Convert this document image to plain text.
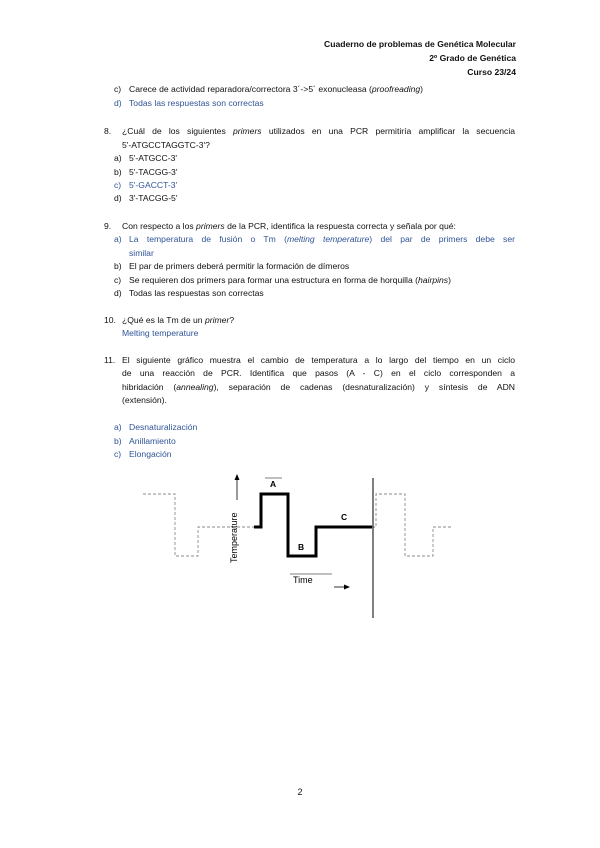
Cuaderno de problemas de Genética Molecular
2º Grado de Genética
Curso 23/24
c) Carece de actividad reparadora/correctora 3´->5´ exonucleasa (proofreading)
d) Todas las respuestas son correctas
8. ¿Cuál de los siguientes primers utilizados en una PCR permitiría amplificar la secuencia
5'-ATGCCTAGGTC-3'?
a) 5'-ATGCC-3'
b) 5'-TACGG-3'
c) 5'-GACCT-3'
d) 3'-TACGG-5'
9. Con respecto a los primers de la PCR, identifica la respuesta correcta y señala por qué:
a) La temperatura de fusión o Tm (melting temperature) del par de primers debe ser
similar
b) El par de primers deberá permitir la formación de dímeros
c) Se requieren dos primers para formar una estructura en forma de horquilla (hairpins)
d) Todas las respuestas son correctas
10. ¿Qué es la Tm de un primer?
Melting temperature
11. El siguiente gráfico muestra el cambio de temperatura a lo largo del tiempo en un ciclo
de una reacción de PCR. Identifica que pasos (A - C) en el ciclo corresponden a
hibridación (annealing), separación de cadenas (desnaturalización) y síntesis de ADN
(extensión).
a) Desnaturalización
b) Anillamiento
c) Elongación
Temperature
Time
A
B
C
2
